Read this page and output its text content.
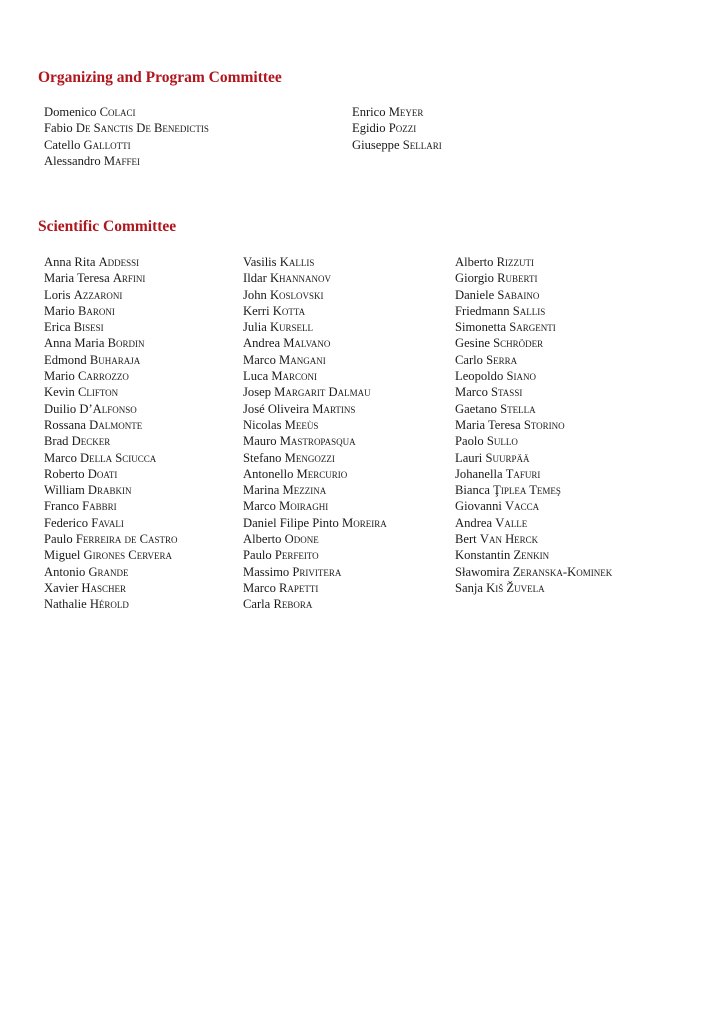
Organizing and Program Committee
Domenico Colaci
Fabio De Sanctis De Benedictis
Catello Gallotti
Alessandro Maffei
Enrico Meyer
Egidio Pozzi
Giuseppe Sellari
Scientific Committee
Anna Rita Addessi
Maria Teresa Arfini
Loris Azzaroni
Mario Baroni
Erica Bisesi
Anna Maria Bordin
Edmond Buharaja
Mario Carrozzo
Kevin Clifton
Duilio D’Alfonso
Rossana Dalmonte
Brad Decker
Marco Della Sciucca
Roberto Doati
William Drabkin
Franco Fabbri
Federico Favali
Paulo Ferreira de Castro
Miguel Girones Cervera
Antonio Grande
Xavier Hascher
Nathalie Hérold
Vasilis Kallis
Ildar Khannanov
John Koslovski
Kerri Kotta
Julia Kursell
Andrea Malvano
Marco Mangani
Luca Marconi
Josep Margarit Dalmau
José Oliveira Martins
Nicolas Meeùs
Mauro Mastropasqua
Stefano Mengozzi
Antonello Mercurio
Marina Mezzina
Marco Moiraghi
Daniel Filipe Pinto Moreira
Alberto Odone
Paulo Perfeito
Massimo Privitera
Marco Rapetti
Carla Rebora
Alberto Rizzuti
Giorgio Ruberti
Daniele Sabaino
Friedmann Sallis
Simonetta Sargenti
Gesine Schröder
Carlo Serra
Leopoldo Siano
Marco Stassi
Gaetano Stella
Maria Teresa Storino
Paolo Sullo
Lauri Suurpää
Johanella Tafuri
Bianca Ţiplea Temeş
Giovanni Vacca
Andrea Valle
Bert Van Herck
Konstantin Zenkin
Sławomira Zeranska-Kominek
Sanja Kiš Žuvela
